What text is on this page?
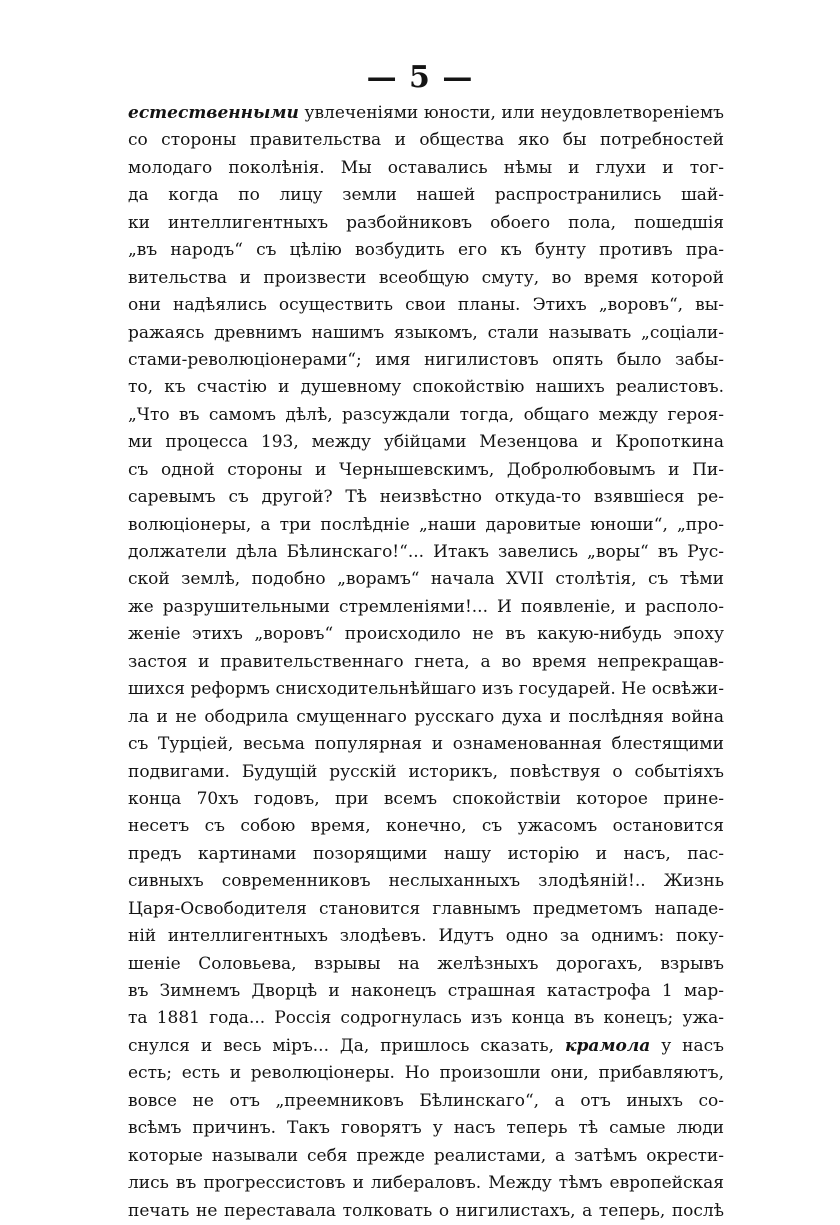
— 5 —
естественными увлеченiями юности, или неудовлетворенiемъ
со стороны правительства и общества яко бы потребностей
молодаго поколѣнiя. Мы оставались нѣмы и глухи и тог-
да когда по лицу земли нашей распространились шай-
ки интеллигентныхъ разбойниковъ обоего пола, пошедшiя
„въ народъ“ съ цѣлiю возбудить его къ бунту противъ пра-
вительства и произвести всеобщую смуту, во время которой
они надѣялись осуществить свои планы. Этихъ „воровъ“, вы-
ражаясь древнимъ нашимъ языкомъ, стали называть „соцiали-
стами-революцiонерами“; имя нигилистовъ опять было забы-
то, къ счастiю и душевному спокойствiю нашихъ реалистовъ.
„Что въ самомъ дѣлѣ, разсуждали тогда, общаго между героя-
ми процесса 193, между убiйцами Мезенцова и Кропоткина
съ одной стороны и Чернышевскимъ, Добролюбовымъ и Пи-
саревымъ съ другой? Тѣ неизвѣстно откуда-то взявшiеся ре-
волюцiонеры, а три послѣднiе „наши даровитые юноши“, „про-
должатели дѣла Бѣлинскаго!“... Итакъ завелись „воры“ въ Рус-
ской землѣ, подобно „ворамъ“ начала XVII столѣтiя, съ тѣми
же разрушительными стремленiями!... И появленiе, и располо-
женiе этихъ „воровъ“ происходило не въ какую-нибудь эпоху
застоя и правительственнаго гнета, а во время непрекращав-
шихся реформъ снисходительнѣйшаго изъ государей. Не освѣжи-
ла и не ободрила смущеннаго русскаго духа и послѣдняя война
съ Турцiей, весьма популярная и ознаменованная блестящими
подвигами. Будущiй русскiй историкъ, повѣствуя о событiяхъ
конца 70хъ годовъ, при всемъ спокойствiи которое прине-
несетъ съ собою время, конечно, съ ужасомъ остановится
предъ картинами позорящими нашу исторiю и насъ, пас-
сивныхъ современниковъ неслыханныхъ злодѣянiй!.. Жизнь
Царя-Освободителя становится главнымъ предметомъ нападе-
нiй интеллигентныхъ злодѣевъ. Идутъ одно за однимъ: поку-
шенiе Соловьева, взрывы на желѣзныхъ дорогахъ, взрывъ
въ Зимнемъ Дворцѣ и наконецъ страшная катастрофа 1 мар-
та 1881 года... Россiя содрогнулась изъ конца въ конецъ; ужа-
снулся и весь мiръ... Да, пришлось сказать, крамола у насъ
есть; есть и революцiонеры. Но произошли они, прибавляютъ,
вовсе не отъ „преемниковъ Бѣлинскаго“, а отъ иныхъ со-
всѣмъ причинъ. Такъ говорятъ у насъ теперь тѣ самые люди
которые называли себя прежде реалистами, а затѣмъ окрести-
лись въ прогрессистовъ и либераловъ. Между тѣмъ европейская
печать не переставала толковать о нигилистахъ, а теперь, послѣ
